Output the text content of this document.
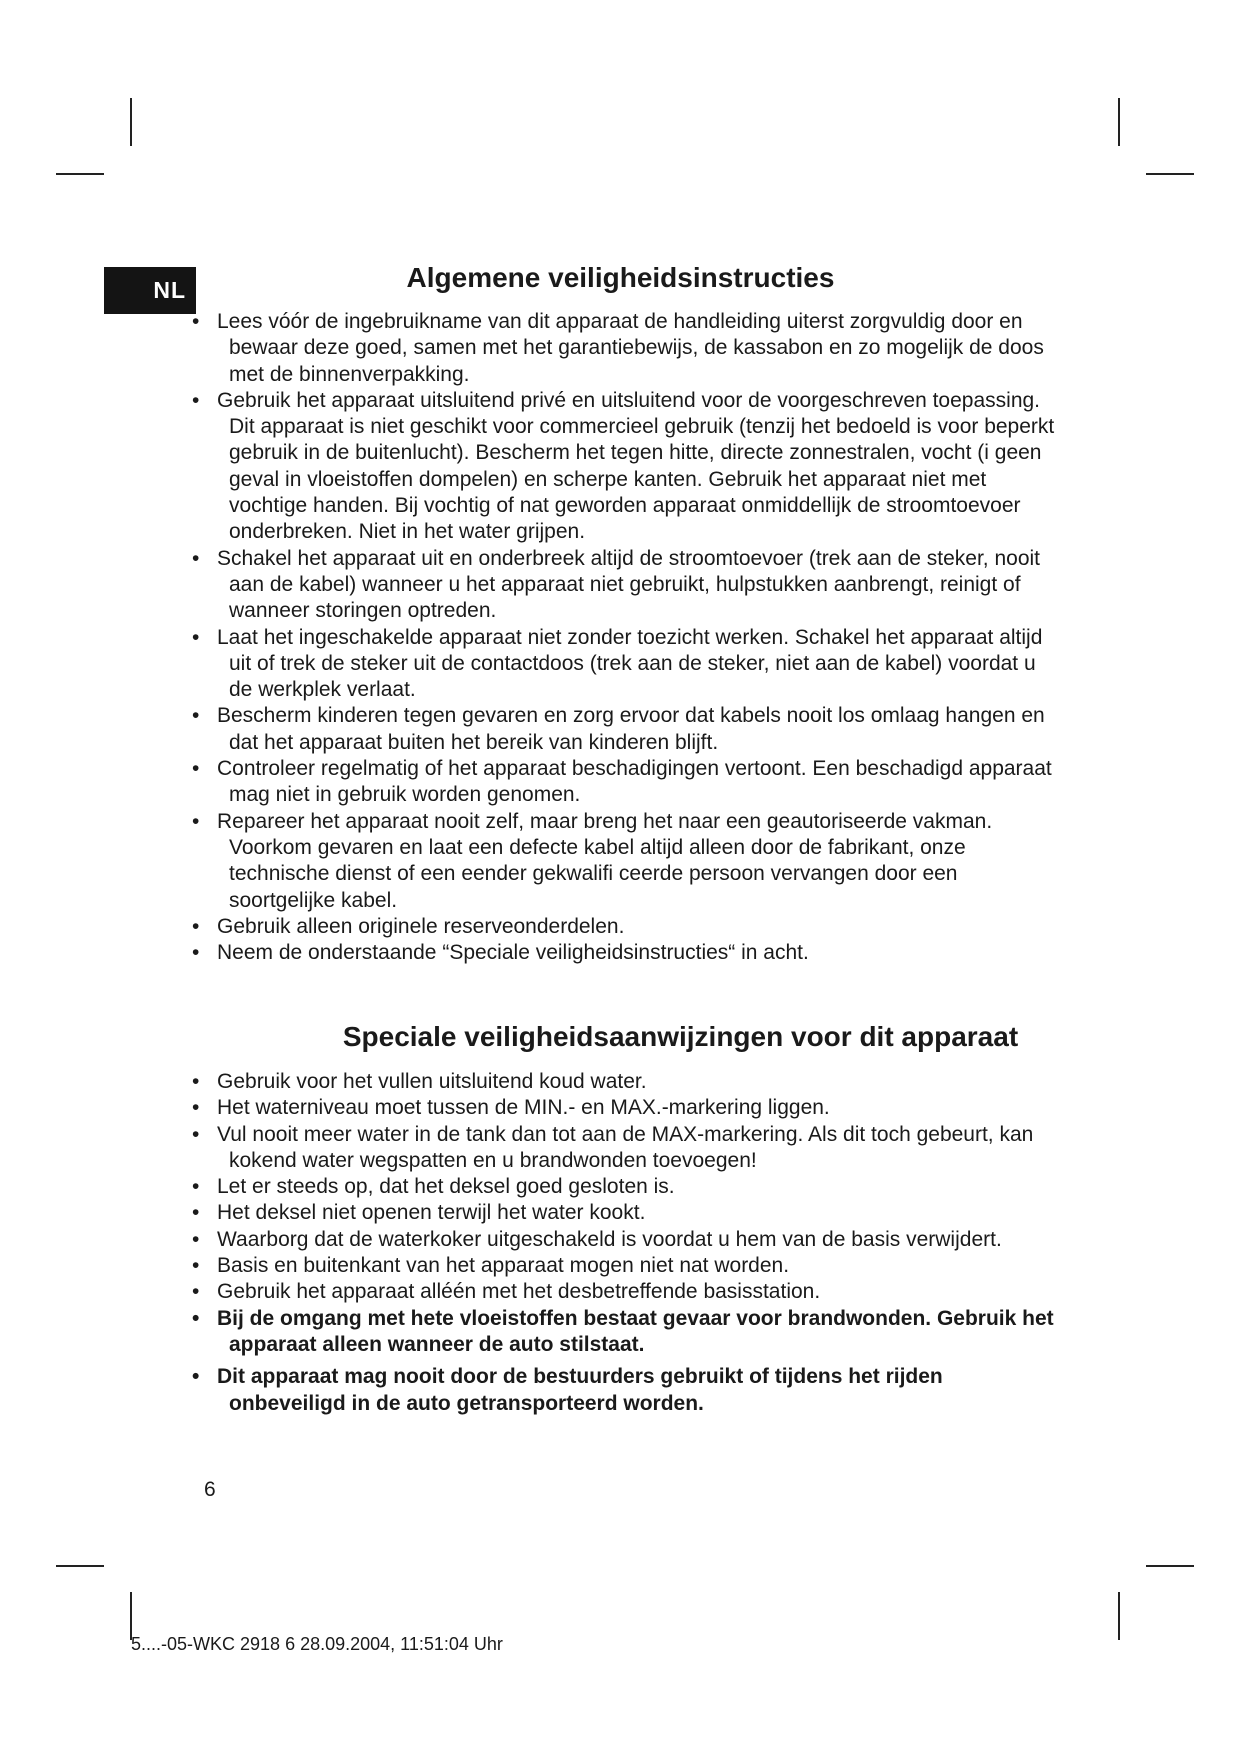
NL	Algemene veiligheidsinstructies
• Lees vóór de ingebruikname van dit apparaat de handleiding uiterst zorgvuldig door en bewaar deze goed, samen met het garantiebewijs, de kassabon en zo mogelijk de doos met de binnenverpakking.
• Gebruik het apparaat uitsluitend privé en uitsluitend voor de voorgeschreven toepassing. Dit apparaat is niet geschikt voor commercieel gebruik (tenzij het bedoeld is voor beperkt gebruik in de buitenlucht). Bescherm het tegen hitte, directe zonnestralen, vocht (i geen geval in vloeistoffen dompelen) en scherpe kanten. Gebruik het apparaat niet met vochtige handen. Bij vochtig of nat geworden apparaat onmiddellijk de stroomtoevoer onderbreken. Niet in het water grijpen.
• Schakel het apparaat uit en onderbreek altijd de stroomtoevoer (trek aan de steker, nooit aan de kabel) wanneer u het apparaat niet gebruikt, hulpstukken aanbrengt, reinigt of wanneer storingen optreden.
• Laat het ingeschakelde apparaat niet zonder toezicht werken. Schakel het apparaat altijd uit of trek de steker uit de contactdoos (trek aan de steker, niet aan de kabel) voordat u de werkplek verlaat.
• Bescherm kinderen tegen gevaren en zorg ervoor dat kabels nooit los omlaag hangen en dat het apparaat buiten het bereik van kinderen blijft.
• Controleer regelmatig of het apparaat beschadigingen vertoont. Een beschadigd apparaat mag niet in gebruik worden genomen.
• Repareer het apparaat nooit zelf, maar breng het naar een geautoriseerde vakman. Voorkom gevaren en laat een defecte kabel altijd alleen door de fabrikant, onze technische dienst of een eender gekwalifi ceerde persoon vervangen door een soortgelijke kabel.
• Gebruik alleen originele reserveonderdelen.
• Neem de onderstaande “Speciale veiligheidsinstructies“ in acht.
Speciale veiligheidsaanwijzingen voor dit apparaat
• Gebruik voor het vullen uitsluitend koud water.
• Het waterniveau moet tussen de MIN.- en MAX.-markering liggen.
• Vul nooit meer water in de tank dan tot aan de MAX-markering. Als dit toch gebeurt, kan kokend water wegspatten en u brandwonden toevoegen!
• Let er steeds op, dat het deksel goed gesloten is.
• Het deksel niet openen terwijl het water kookt.
• Waarborg dat de waterkoker uitgeschakeld is voordat u hem van de basis verwijdert.
• Basis en buitenkant van het apparaat mogen niet nat worden.
• Gebruik het apparaat alléén met het desbetreffende basisstation.
• Bij de omgang met hete vloeistoffen bestaat gevaar voor brandwonden. Gebruik het apparaat alleen wanneer de auto stilstaat.
• Dit apparaat mag nooit door de bestuurders gebruikt of tijdens het rijden onbeveiligd in de auto getransporteerd worden.
6
5....-05-WKC 2918 6 28.09.2004, 11:51:04 Uhr
